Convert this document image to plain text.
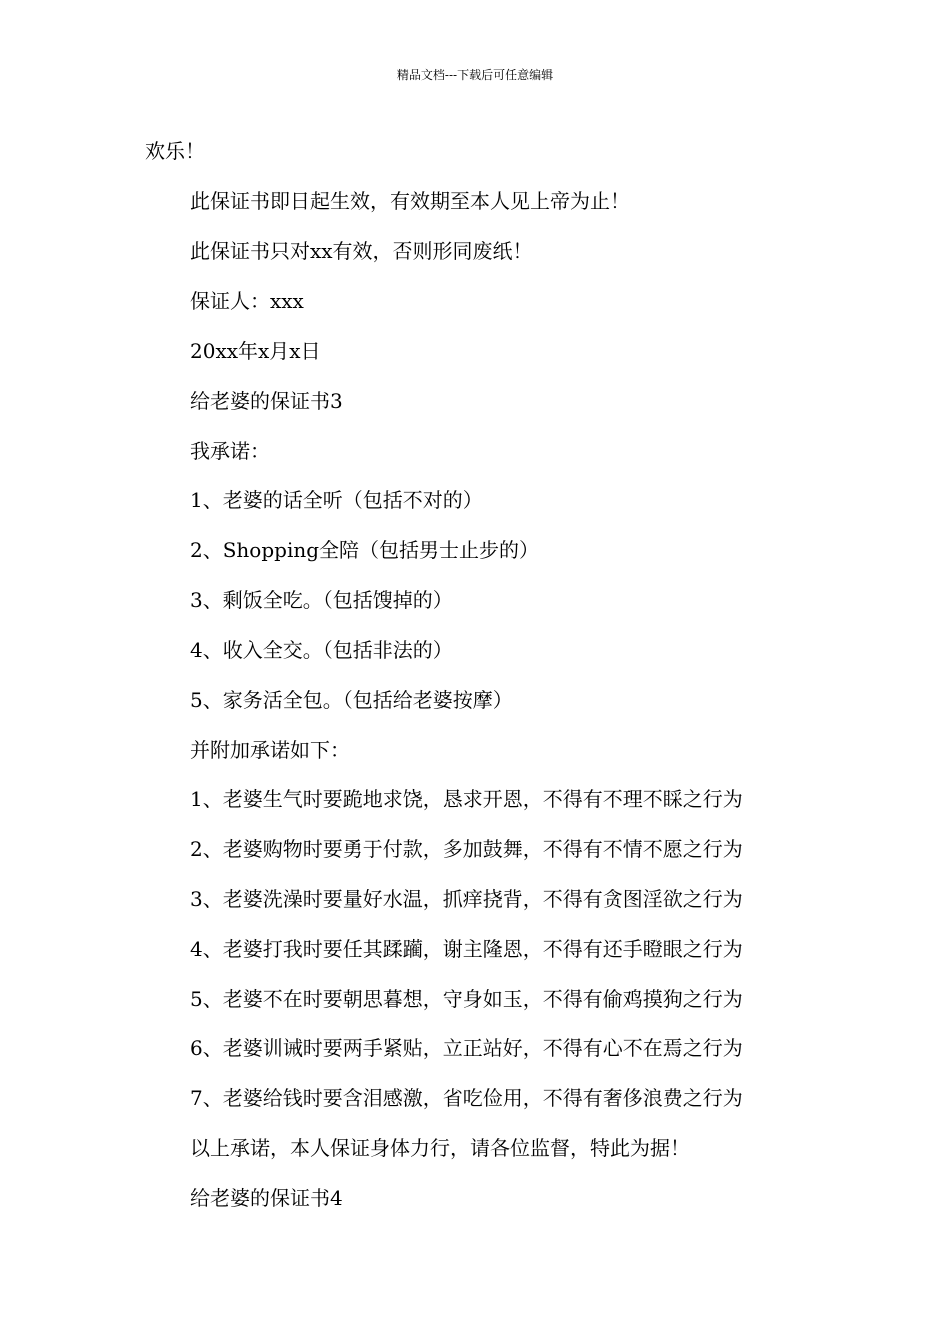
精品文档---下载后可任意编辑
欢乐！
此保证书即日起生效，有效期至本人见上帝为止！
此保证书只对xx有效，否则形同废纸！
保证人：xxx
20xx年x月x日
给老婆的保证书3
我承诺：
1、老婆的话全听（包括不对的）
2、Shopping全陪（包括男士止步的）
3、剩饭全吃。（包括馊掉的）
4、收入全交。（包括非法的）
5、家务活全包。（包括给老婆按摩）
并附加承诺如下：
1、老婆生气时要跪地求饶，恳求开恩，不得有不理不睬之行为
2、老婆购物时要勇于付款，多加鼓舞，不得有不情不愿之行为
3、老婆洗澡时要量好水温，抓痒挠背，不得有贪图淫欲之行为
4、老婆打我时要任其蹂躏，谢主隆恩，不得有还手瞪眼之行为
5、老婆不在时要朝思暮想，守身如玉，不得有偷鸡摸狗之行为
6、老婆训诫时要两手紧贴，立正站好，不得有心不在焉之行为
7、老婆给钱时要含泪感激，省吃俭用，不得有奢侈浪费之行为
以上承诺，本人保证身体力行，请各位监督，特此为据！
给老婆的保证书4
